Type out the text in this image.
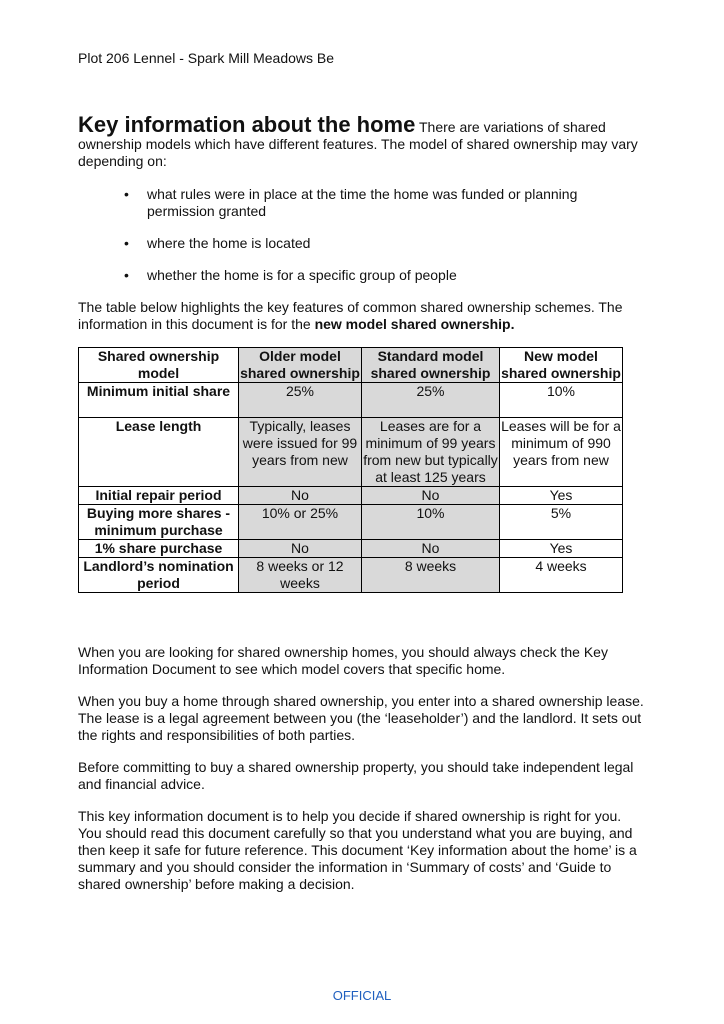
Plot 206 Lennel - Spark Mill Meadows Be
Key information about the home There are variations of shared ownership models which have different features. The model of shared ownership may vary depending on:
• what rules were in place at the time the home was funded or planning permission granted
• where the home is located
• whether the home is for a specific group of people
The table below highlights the key features of common shared ownership schemes. The information in this document is for the new model shared ownership.
Shared ownership model	Older model shared ownership	Standard model shared ownership	New model shared ownership
Minimum initial share	25%	25%	10%
Lease length	Typically, leases were issued for 99 years from new	Leases are for a minimum of 99 years from new but typically at least 125 years	Leases will be for a minimum of 990 years from new
Initial repair period	No	No	Yes
Buying more shares - minimum purchase	10% or 25%	10%	5%
1% share purchase	No	No	Yes
Landlord’s nomination period	8 weeks or 12 weeks	8 weeks	4 weeks

When you are looking for shared ownership homes, you should always check the Key Information Document to see which model covers that specific home.

When you buy a home through shared ownership, you enter into a shared ownership lease. The lease is a legal agreement between you (the ‘leaseholder’) and the landlord. It sets out the rights and responsibilities of both parties.

Before committing to buy a shared ownership property, you should take independent legal and financial advice.

This key information document is to help you decide if shared ownership is right for you. You should read this document carefully so that you understand what you are buying, and then keep it safe for future reference. This document ‘Key information about the home’ is a summary and you should consider the information in ‘Summary of costs’ and ‘Guide to shared ownership’ before making a decision.

OFFICIAL
